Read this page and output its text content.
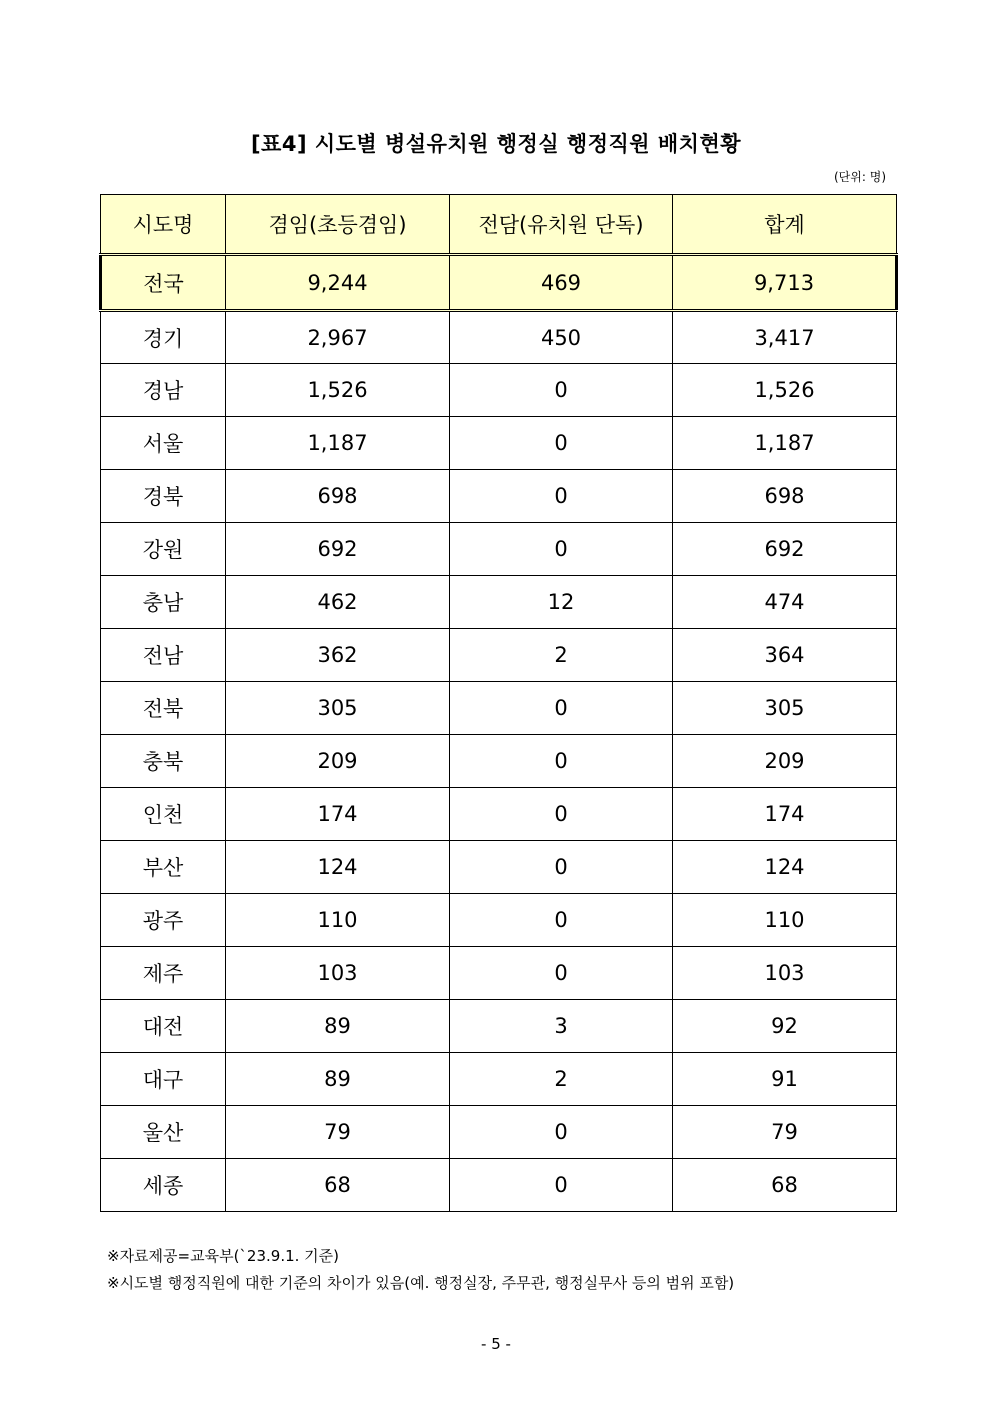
[표4] 시도별 병설유치원 행정실 행정직원 배치현황
(단위: 명)
시도명	겸임(초등겸임)	전담(유치원 단독)	합계
전국	9,244	469	9,713
경기	2,967	450	3,417
경남	1,526	0	1,526
서울	1,187	0	1,187
경북	698	0	698
강원	692	0	692
충남	462	12	474
전남	362	2	364
전북	305	0	305
충북	209	0	209
인천	174	0	174
부산	124	0	124
광주	110	0	110
제주	103	0	103
대전	89	3	92
대구	89	2	91
울산	79	0	79
세종	68	0	68
※자료제공=교육부(`23.9.1. 기준)
※시도별 행정직원에 대한 기준의 차이가 있음(예. 행정실장, 주무관, 행정실무사 등의 범위 포함)
- 5 -
